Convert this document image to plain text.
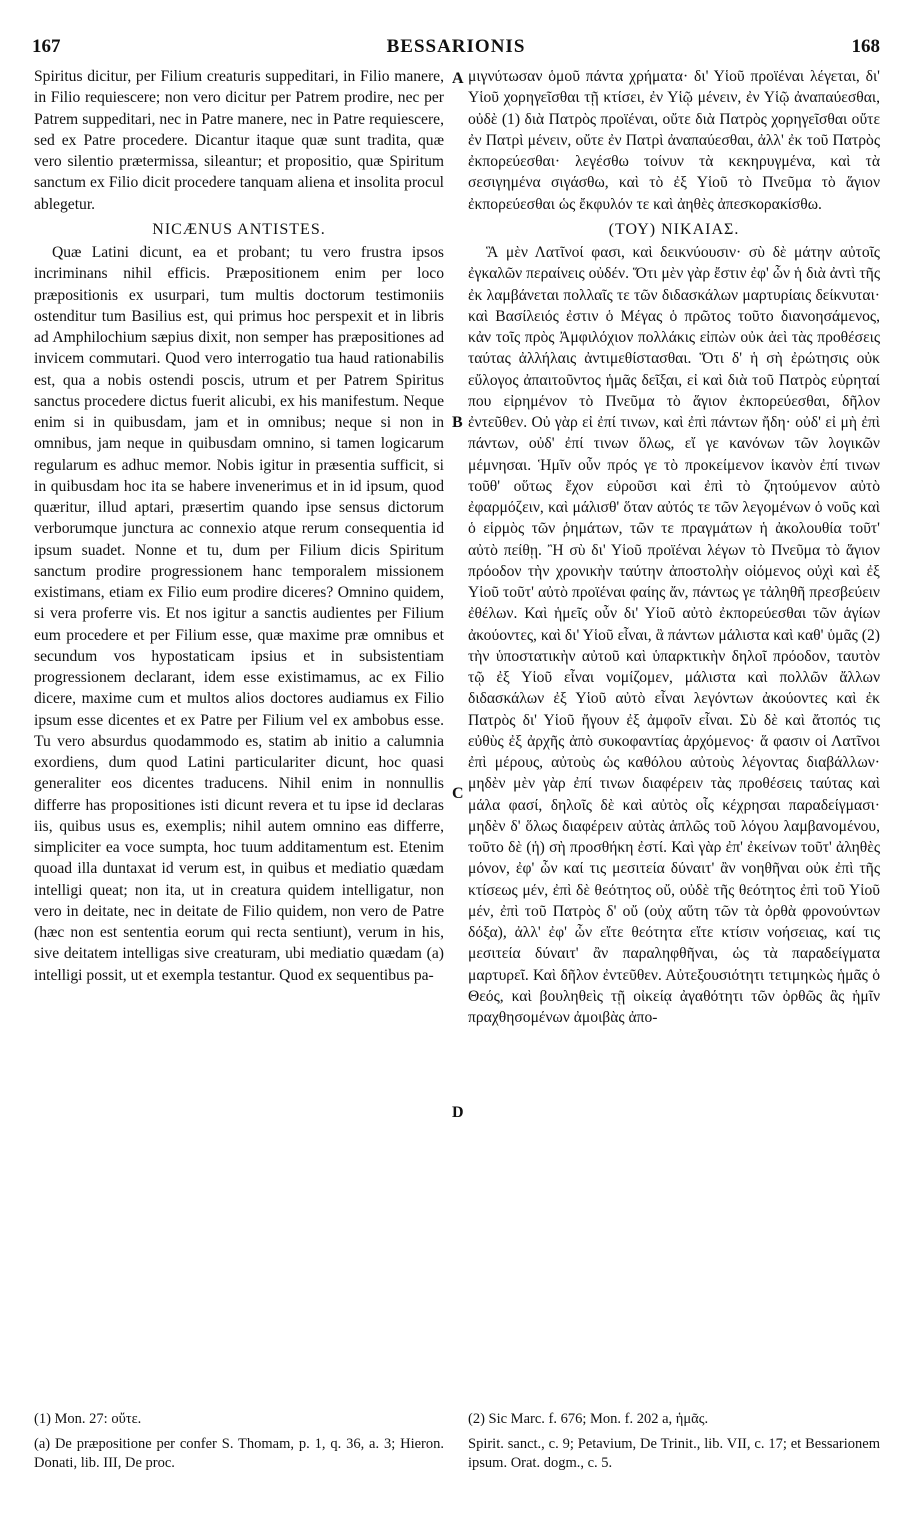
167	BESSARIONIS	168

Spiritus dicitur, per Filium creaturis suppeditari, in Filio manere, in Filio requiescere; non vero dicitur per Patrem prodire, nec per Patrem suppeditari, nec in Patre manere, nec in Patre requiescere, sed ex Patre procedere. Dicantur itaque quæ sunt tradita, quæ vero silentio prætermissa, sileantur; et propositio, quæ Spiritum sanctum ex Filio dicit procedere tanquam aliena et insolita procul ablegetur.

NICÆNUS ANTISTES.

Quæ Latini dicunt, ea et probant; tu vero frustra ipsos incriminans nihil efficis. Præpositionem enim per loco præpositionis ex usurpari, tum multis doctorum testimoniis ostenditur tum Basilius est, qui primus hoc perspexit et in libris ad Amphilochium sæpius dixit, non semper has præpositiones ad invicem commutari. Quod vero interrogatio tua haud rationabilis est, qua a nobis ostendi poscis, utrum et per Patrem Spiritus sanctus procedere dictus fuerit alicubi, ex his manifestum. Neque enim si in quibusdam, jam et in omnibus; neque si non in omnibus, jam neque in quibusdam omnino, si tamen logicarum regularum es adhuc memor. Nobis igitur in præsentia sufficit, si in quibusdam hoc ita se habere invenerimus et in id ipsum, quod quæritur, illud aptari, præsertim quando ipse sensus dictorum verborumque junctura ac connexio atque rerum consequentia id ipsum suadet. Nonne et tu, dum per Filium dicis Spiritum sanctum prodire progressionem hanc temporalem missionem existimans, etiam ex Filio eum prodire diceres? Omnino quidem, si vera proferre vis. Et nos igitur a sanctis audientes per Filium eum procedere et per Filium esse, quæ maxime præ omnibus et secundum vos hypostaticam ipsius et in subsistentiam progressionem declarant, idem esse existimamus, ac ex Filio dicere, maxime cum et multos alios doctores audiamus ex Filio ipsum esse dicentes et ex Patre per Filium vel ex ambobus esse. Tu vero absurdus quodammodo es, statim ab initio a calumnia exordiens, dum quod Latini particulariter dicunt, hoc quasi generaliter eos dicentes traducens. Nihil enim in nonnullis differre has propositiones isti dicunt revera et tu ipse id declaras iis, quibus usus es, exemplis; nihil autem omnino eas differre, simpliciter ea voce sumpta, hoc tuum additamentum est. Etenim quoad illa duntaxat id verum est, in quibus et mediatio quædam intelligi queat; non ita, ut in creatura quidem intelligatur, non vero in deitate, nec in deitate de Filio quidem, non vero de Patre (hæc non est sententia eorum qui recta sentiunt), verum in his, sive deitatem intelligas sive creaturam, ubi mediatio quædam (a) intelligi possit, ut et exempla testantur. Quod ex sequentibus pa-

A
B
C
D

μιγνύτωσαν ὁμοῦ πάντα χρήματα· δι' Υἱοῦ προϊέναι λέγεται, δι' Υἱοῦ χορηγεῖσθαι τῇ κτίσει, ἐν Υἱῷ μένειν, ἐν Υἱῷ ἀναπαύεσθαι, οὐδὲ (1) διὰ Πατρὸς προϊέναι, οὔτε διὰ Πατρὸς χορηγεῖσθαι οὔτε ἐν Πατρὶ μένειν, οὔτε ἐν Πατρὶ ἀναπαύεσθαι, ἀλλ' ἐκ τοῦ Πατρὸς ἐκπορεύεσθαι· λεγέσθω τοίνυν τὰ κεκηρυγμένα, καὶ τὰ σεσιγημένα σιγάσθω, καὶ τὸ ἐξ Υἱοῦ τὸ Πνεῦμα τὸ ἅγιον ἐκπορεύεσθαι ὡς ἔκφυλόν τε καὶ ἀηθὲς ἀπεσκορακίσθω.

(ΤΟΥ) ΝΙΚΑΙΑΣ.

Ἃ μὲν Λατῖνοί φασι, καὶ δεικνύουσιν· σὺ δὲ μάτην αὐτοῖς ἐγκαλῶν περαίνεις οὐδέν. Ὅτι μὲν γὰρ ἔστιν ἐφ' ὧν ἡ διὰ ἀντὶ τῆς ἐκ λαμβάνεται πολλαῖς τε τῶν διδασκάλων μαρτυρίαις δείκνυται· καὶ Βασίλειός ἐστιν ὁ Μέγας ὁ πρῶτος τοῦτο διανοησάμενος, κἀν τοῖς πρὸς Ἀμφιλόχιον πολλάκις εἰπὼν οὐκ ἀεὶ τὰς προθέσεις ταύτας ἀλλήλαις ἀντιμεθίστασθαι. Ὅτι δ' ἡ σὴ ἐρώτησις οὐκ εὔλογος ἀπαιτοῦντος ἡμᾶς δεῖξαι, εἰ καὶ διὰ τοῦ Πατρὸς εὑρηταί που εἰρημένον τὸ Πνεῦμα τὸ ἅγιον ἐκπορεύεσθαι, δῆλον ἐντεῦθεν. Οὐ γὰρ εἰ ἐπί τινων, καὶ ἐπὶ πάντων ἤδη· οὐδ' εἰ μὴ ἐπὶ πάντων, οὐδ' ἐπί τινων ὅλως, εἴ γε κανόνων τῶν λογικῶν μέμνησαι. Ἡμῖν οὖν πρός γε τὸ προκείμενον ἱκανὸν ἐπί τινων τοῦθ' οὕτως ἔχον εὑροῦσι καὶ ἐπὶ τὸ ζητούμενον αὐτὸ ἐφαρμόζειν, καὶ μάλισθ' ὅταν αὐτός τε τῶν λεγομένων ὁ νοῦς καὶ ὁ εἱρμὸς τῶν ῥημάτων, τῶν τε πραγμάτων ἡ ἀκολουθία τοῦτ' αὐτὸ πείθῃ. Ἢ σὺ δι' Υἱοῦ προϊέναι λέγων τὸ Πνεῦμα τὸ ἅγιον πρόοδον τὴν χρονικὴν ταύτην ἀποστολὴν οἰόμενος οὐχὶ καὶ ἐξ Υἱοῦ τοῦτ' αὐτὸ προϊέναι φαίης ἄν, πάντως γε τἀληθῆ πρεσβεύειν ἐθέλων. Καὶ ἡμεῖς οὖν δι' Υἱοῦ αὐτὸ ἐκπορεύεσθαι τῶν ἁγίων ἀκούοντες, καὶ δι' Υἱοῦ εἶναι, ἃ πάντων μάλιστα καὶ καθ' ὑμᾶς (2) τὴν ὑποστατικὴν αὐτοῦ καὶ ὑπαρκτικὴν δηλοῖ πρόοδον, ταυτὸν τῷ ἐξ Υἱοῦ εἶναι νομίζομεν, μάλιστα καὶ πολλῶν ἄλλων διδασκάλων ἐξ Υἱοῦ αὐτὸ εἶναι λεγόντων ἀκούοντες καὶ ἐκ Πατρὸς δι' Υἱοῦ ἤγουν ἐξ ἀμφοῖν εἶναι. Σὺ δὲ καὶ ἄτοπός τις εὐθὺς ἐξ ἀρχῆς ἀπὸ συκοφαντίας ἀρχόμενος· ἅ φασιν οἱ Λατῖνοι ἐπὶ μέρους, αὐτοὺς ὡς καθόλου αὐτοὺς λέγοντας διαβάλλων· μηδὲν μὲν γὰρ ἐπί τινων διαφέρειν τὰς προθέσεις ταύτας καὶ μάλα φασί, δηλοῖς δὲ καὶ αὐτὸς οἷς κέχρησαι παραδείγμασι· μηδὲν δ' ὅλως διαφέρειν αὐτὰς ἁπλῶς τοῦ λόγου λαμβανομένου, τοῦτο δὲ (ἡ) σὴ προσθήκη ἐστί. Καὶ γὰρ ἐπ' ἐκείνων τοῦτ' ἀληθὲς μόνον, ἐφ' ὧν καί τις μεσιτεία δύναιτ' ἂν νοηθῆναι οὐκ ἐπὶ τῆς κτίσεως μέν, ἐπὶ δὲ θεότητος οὔ, οὐδὲ τῆς θεότητος ἐπὶ τοῦ Υἱοῦ μέν, ἐπὶ τοῦ Πατρὸς δ' οὔ (οὐχ αὕτη τῶν τὰ ὀρθὰ φρονούντων δόξα), ἀλλ' ἐφ' ὧν εἴτε θεότητα εἴτε κτίσιν νοήσειας, καί τις μεσιτεία δύναιτ' ἂν παραληφθῆναι, ὡς τὰ παραδείγματα μαρτυρεῖ. Καὶ δῆλον ἐντεῦθεν. Αὐτεξουσιότητι τετιμηκὼς ἡμᾶς ὁ Θεός, καὶ βουληθεὶς τῇ οἰκείᾳ ἀγαθότητι τῶν ὀρθῶς ἃς ἡμῖν πραχθησομένων ἀμοιβὰς ἀπο-

(1) Mon. 27: οὔτε.

(a) De præpositione per confer S. Thomam, p. 1, q. 36, a. 3; Hieron. Donati, lib. III, De proc.

(2) Sic Marc. f. 676; Mon. f. 202 a, ἡμᾶς.

Spirit. sanct., c. 9; Petavium, De Trinit., lib. VII, c. 17; et Bessarionem ipsum. Orat. dogm., c. 5.
